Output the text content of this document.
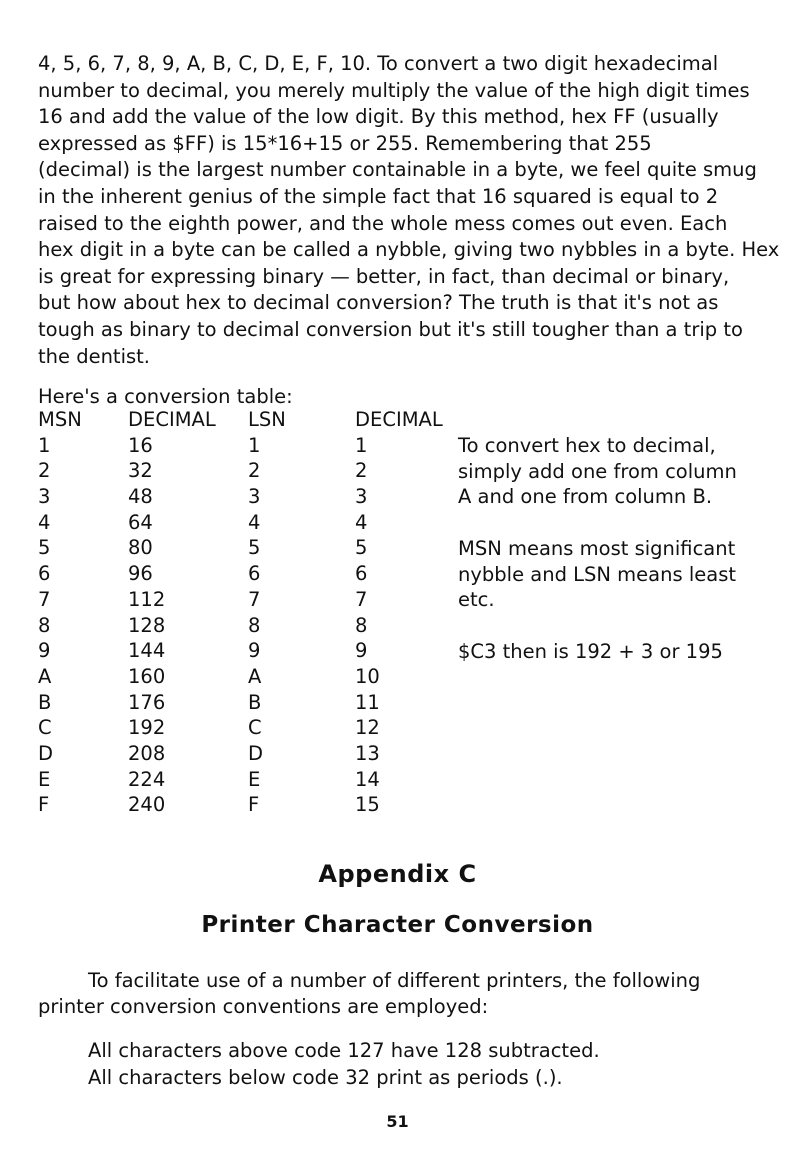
4, 5, 6, 7, 8, 9, A, B, C, D, E, F, 10. To convert a two digit hexadecimal
number to decimal, you merely multiply the value of the high digit times
16 and add the value of the low digit. By this method, hex FF (usually
expressed as $FF) is 15*16+15 or 255. Remembering that 255
(decimal) is the largest number containable in a byte, we feel quite smug
in the inherent genius of the simple fact that 16 squared is equal to 2
raised to the eighth power, and the whole mess comes out even. Each
hex digit in a byte can be called a nybble, giving two nybbles in a byte. Hex
is great for expressing binary — better, in fact, than decimal or binary,
but how about hex to decimal conversion? The truth is that it's not as
tough as binary to decimal conversion but it's still tougher than a trip to
the dentist.
Here's a conversion table:
MSN DECIMAL LSN	DECIMAL
1	16	1	1
2	32	2	2
3	48	3	3
4	64	4	4
5	80	5	5
6	96	6	6
7	112	7	7
8	128	8	8
9	144	9	9
A	160	A	10
B	176	B	11
C	192	C	12
D	208	D	13
E	224	E	14
F	240	F	15
To convert hex to decimal,
simply add one from column
A and one from column B.
MSN means most significant
nybble and LSN means least
etc.
$C3 then is 192 + 3 or 195
Appendix C
Printer Character Conversion
To facilitate use of a number of different printers, the following
printer conversion conventions are employed:
All characters above code 127 have 128 subtracted.
All characters below code 32 print as periods (.).
51
